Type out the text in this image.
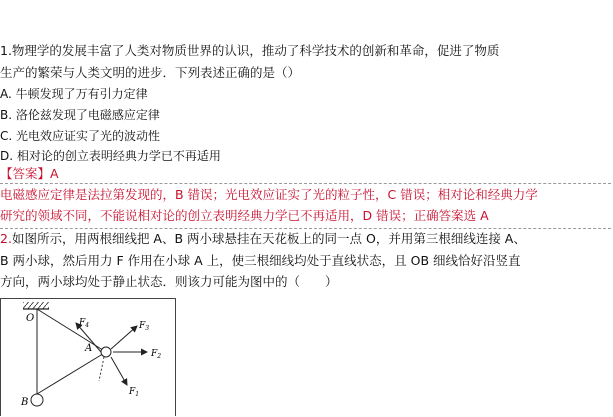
1.物理学的发展丰富了人类对物质世界的认识，推动了科学技术的创新和革命，促进了物质
生产的繁荣与人类文明的进步．下列表述正确的是（）
A. 牛顿发现了万有引力定律
B. 洛伦兹发现了电磁感应定律
C. 光电效应证实了光的波动性
D. 相对论的创立表明经典力学已不再适用
【答案】A
电磁感应定律是法拉第发现的，B 错误；光电效应证实了光的粒子性，C 错误；相对论和经典力学
研究的领域不同，不能说相对论的创立表明经典力学已不再适用，D 错误；正确答案选 A
2.如图所示，用两根细线把 A、B 两小球悬挂在天花板上的同一点 O，并用第三根细线连接 A、
B 两小球，然后用力 F 作用在小球 A 上，使三根细线均处于直线状态，且 OB 细线恰好沿竖直
方向，两小球均处于静止状态．则该力可能为图中的（　　）
O
A
B
$F_4$	$F_3$
$F_2$
$F_1$
